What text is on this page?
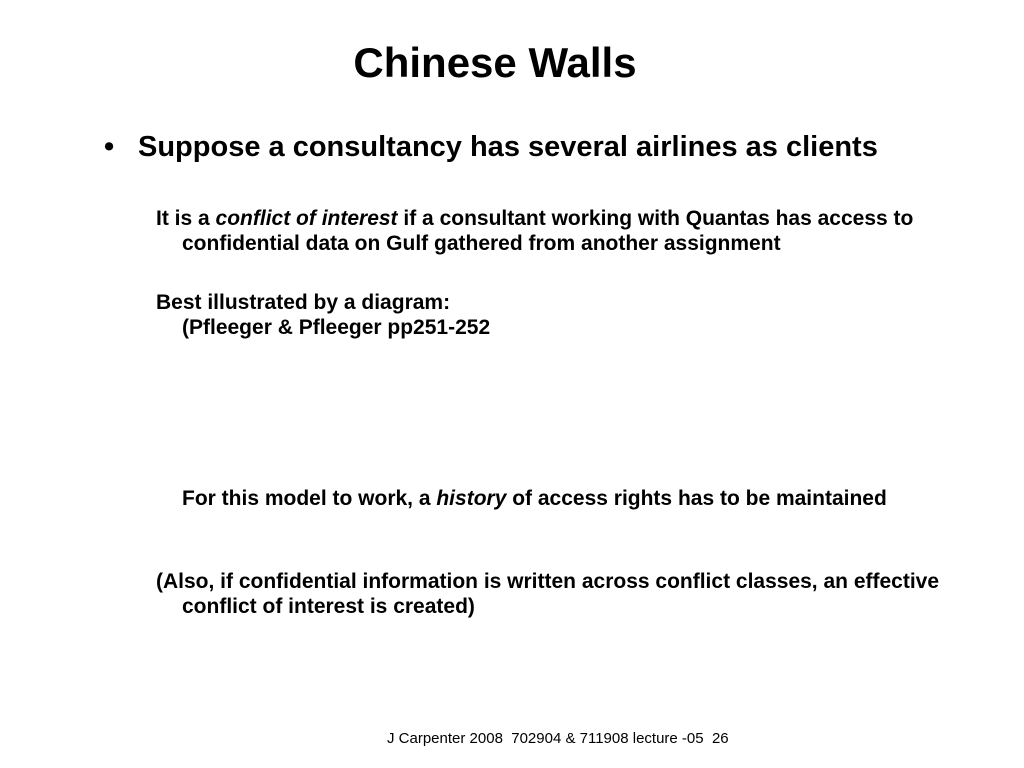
Chinese Walls
• Suppose a consultancy has several airlines as clients
It is a conflict of interest if a consultant working with Quantas has access to confidential data on Gulf gathered from another assignment
Best illustrated by a diagram:
(Pfleeger & Pfleeger pp251-252
For this model to work, a history of access rights has to be maintained
(Also, if confidential information is written across conflict classes, an effective conflict of interest is created)
J Carpenter 2008  702904 & 711908 lecture -05  26
